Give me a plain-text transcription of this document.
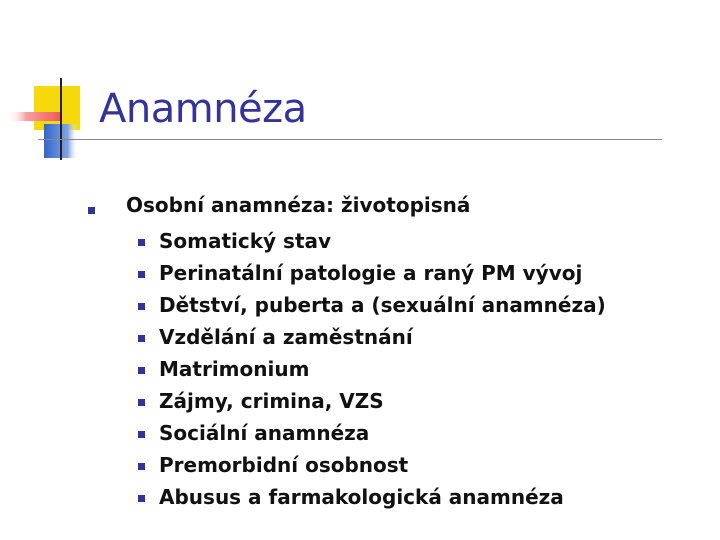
Anamnéza
Osobní anamnéza: životopisná
Somatický stav
Perinatální patologie a raný PM vývoj
Dětství, puberta a (sexuální anamnéza)
Vzdělání a zaměstnání
Matrimonium
Zájmy, crimina, VZS
Sociální anamnéza
Premorbidní osobnost
Abusus a farmakologická anamnéza
